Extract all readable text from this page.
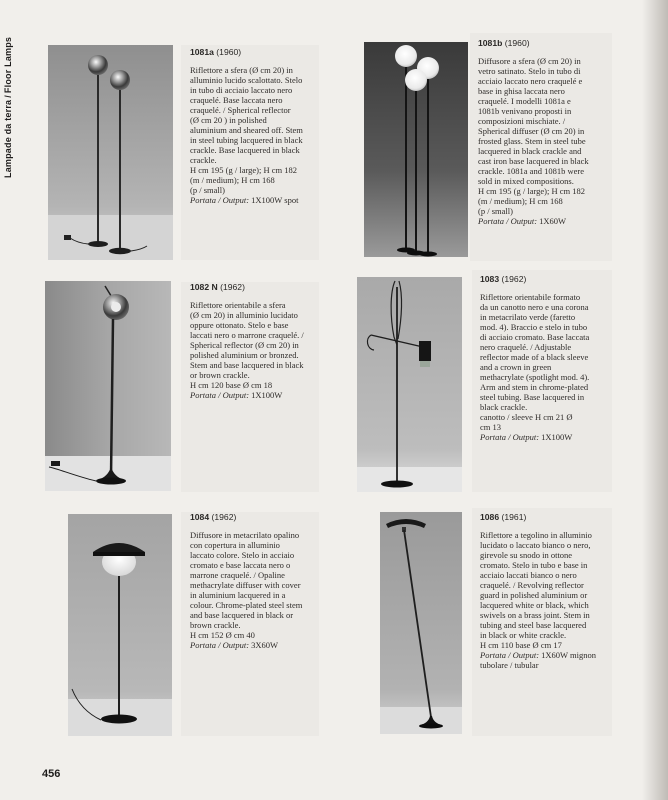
Lampade da terra/Floor Lamps	1081a (1960)

Riflettore a sfera (Ø cm 20) in
alluminio lucido scalottato. Stelo
in tubo di acciaio laccato nero
craquelé. Base laccata nero
craquelé. / Spherical reflector
(Ø cm 20 ) in polished
aluminium and sheared off. Stem
in steel tubing lacquered in black
crackle. Base lacquered in black
crackle.
H cm 195 (g / large); H cm 182
(m / medium); H cm 168
(p / small)

Portata / Output: 1X100W spot

1081b (1960)

Diffusore a sfera (Ø cm 20) in
vetro satinato. Stelo in tubo di
acciaio laccato nero craquelé e
base in ghisa laccata nero
craquelé. I modelli 1081a e
1081b venivano proposti in
composizioni mischiate. /
Spherical diffuser (Ø cm 20) in
frosted glass. Stem in steel tube
lacquered in black crackle and
cast iron base lacquered in black
crackle. 1081a and 1081b were
sold in mixed compositions.
H cm 195 (g / large); H cm 182
(m / medium); H cm 168
(p / small)

Portata / Output: 1X60W

1082 N (1962)

Riflettore orientabile a sfera
(Ø cm 20) in alluminio lucidato
oppure ottonato. Stelo e base
laccati nero o marrone craquelé. /
Spherical reflector (Ø cm 20) in
polished aluminium or bronzed.
Stem and base lacquered in black
or brown crackle.
H cm 120 base Ø cm 18

Portata / Output: 1X100W

1083 (1962)

Riflettore orientabile formato
da un canotto nero e una corona
in metacrilato verde (faretto
mod. 4). Braccio e stelo in tubo
di acciaio cromato. Base laccata
nero craquelé. / Adjustable
reflector made of a black sleeve
and a crown in green
methacrylate (spotlight mod. 4).
Arm and stem in chrome-plated
steel tubing. Base lacquered in
black crackle.
canotto / sleeve H cm 21 Ø
cm 13

Portata / Output: 1X100W

1084 (1962)

Diffusore in metacrilato opalino
con copertura in alluminio
laccato colore. Stelo in acciaio
cromato e base laccata nero o
marrone craquelé. / Opaline
methacrylate diffuser with cover
in aluminium lacquered in a
colour. Chrome-plated steel stem
and base lacquered in black or
brown crackle.
H cm 152 Ø cm 40

Portata / Output: 3X60W

1086 (1961)

Riflettore a tegolino in alluminio
lucidato o laccato bianco o nero,
girevole su snodo in ottone
cromato. Stelo in tubo e base in
acciaio laccati bianco o nero
craquelé. / Revolving reflector
guard in polished aluminium or
lacquered white or black, which
swivels on a brass joint. Stem in
tubing and steel base lacquered
in black or white crackle.
H cm 110 base Ø cm 17

Portata / Output: 1X60W mignon
tubolare / tubular

456
